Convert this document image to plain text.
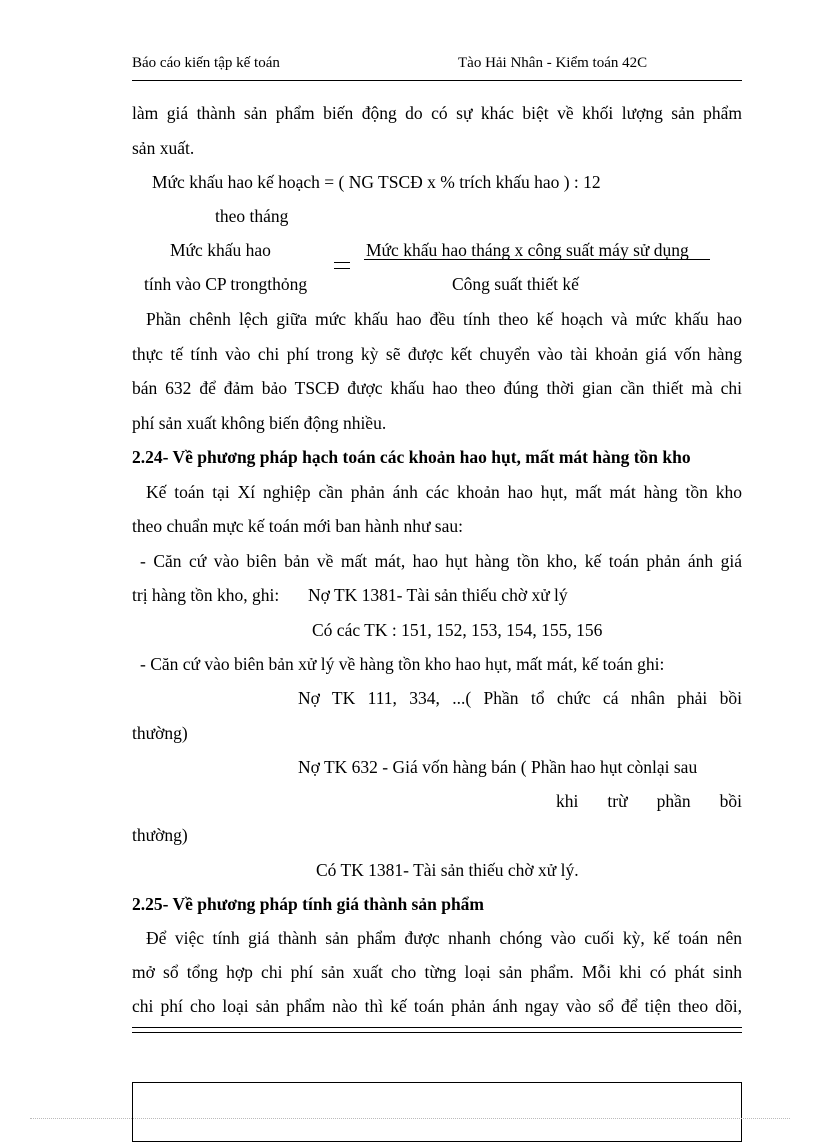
Báo cáo kiến tập kế toán	Tào Hải Nhân - Kiểm toán 42C
làm giá thành sản phẩm biến động do có sự khác biệt về khối lượng sản phẩm
sản xuất.
Mức khấu hao kế hoạch = ( NG TSCĐ x % trích khấu hao ) : 12
theo tháng
Mức khấu hao
tính vào CP trongthỏng
Mức khấu hao tháng x công suất máy sử dụng
Công suất thiết kế
Phần chênh lệch giữa mức khấu hao đều tính theo kế hoạch và mức khấu hao
thực tế tính vào chi phí trong kỳ sẽ được kết chuyển vào tài khoản giá vốn hàng
bán 632 để đảm bảo TSCĐ được khấu hao theo đúng thời gian cần thiết mà chi
phí sản xuất không biến động nhiều.
2.24- Về phương pháp hạch toán các khoản hao hụt, mất mát hàng tồn kho
Kế toán tại Xí nghiệp cần phản ánh các khoản hao hụt, mất mát hàng tồn kho
theo chuẩn mực kế toán mới ban hành như sau:
- Căn cứ vào biên bản về mất mát, hao hụt hàng tồn kho, kế toán phản ánh giá
trị hàng tồn kho, ghi: Nợ TK 1381- Tài sản thiếu chờ xử lý
Có các TK : 151, 152, 153, 154, 155, 156
- Căn cứ vào biên bản xử lý về hàng tồn kho hao hụt, mất mát, kế toán ghi:
Nợ TK 111, 334, ...( Phần tổ chức cá nhân phải bồi
thường)
Nợ TK 632 - Giá vốn hàng bán ( Phần hao hụt cònlại sau
khi trừ phần bồi
thường)
Có TK 1381- Tài sản thiếu chờ xử lý.
2.25- Về phương pháp tính giá thành sản phẩm
Để việc tính giá thành sản phẩm được nhanh chóng vào cuối kỳ, kế toán nên
mở sổ tổng hợp chi phí sản xuất cho từng loại sản phẩm. Mỗi khi có phát sinh
chi phí cho loại sản phẩm nào thì kế toán phản ánh ngay vào sổ để tiện theo dõi,
